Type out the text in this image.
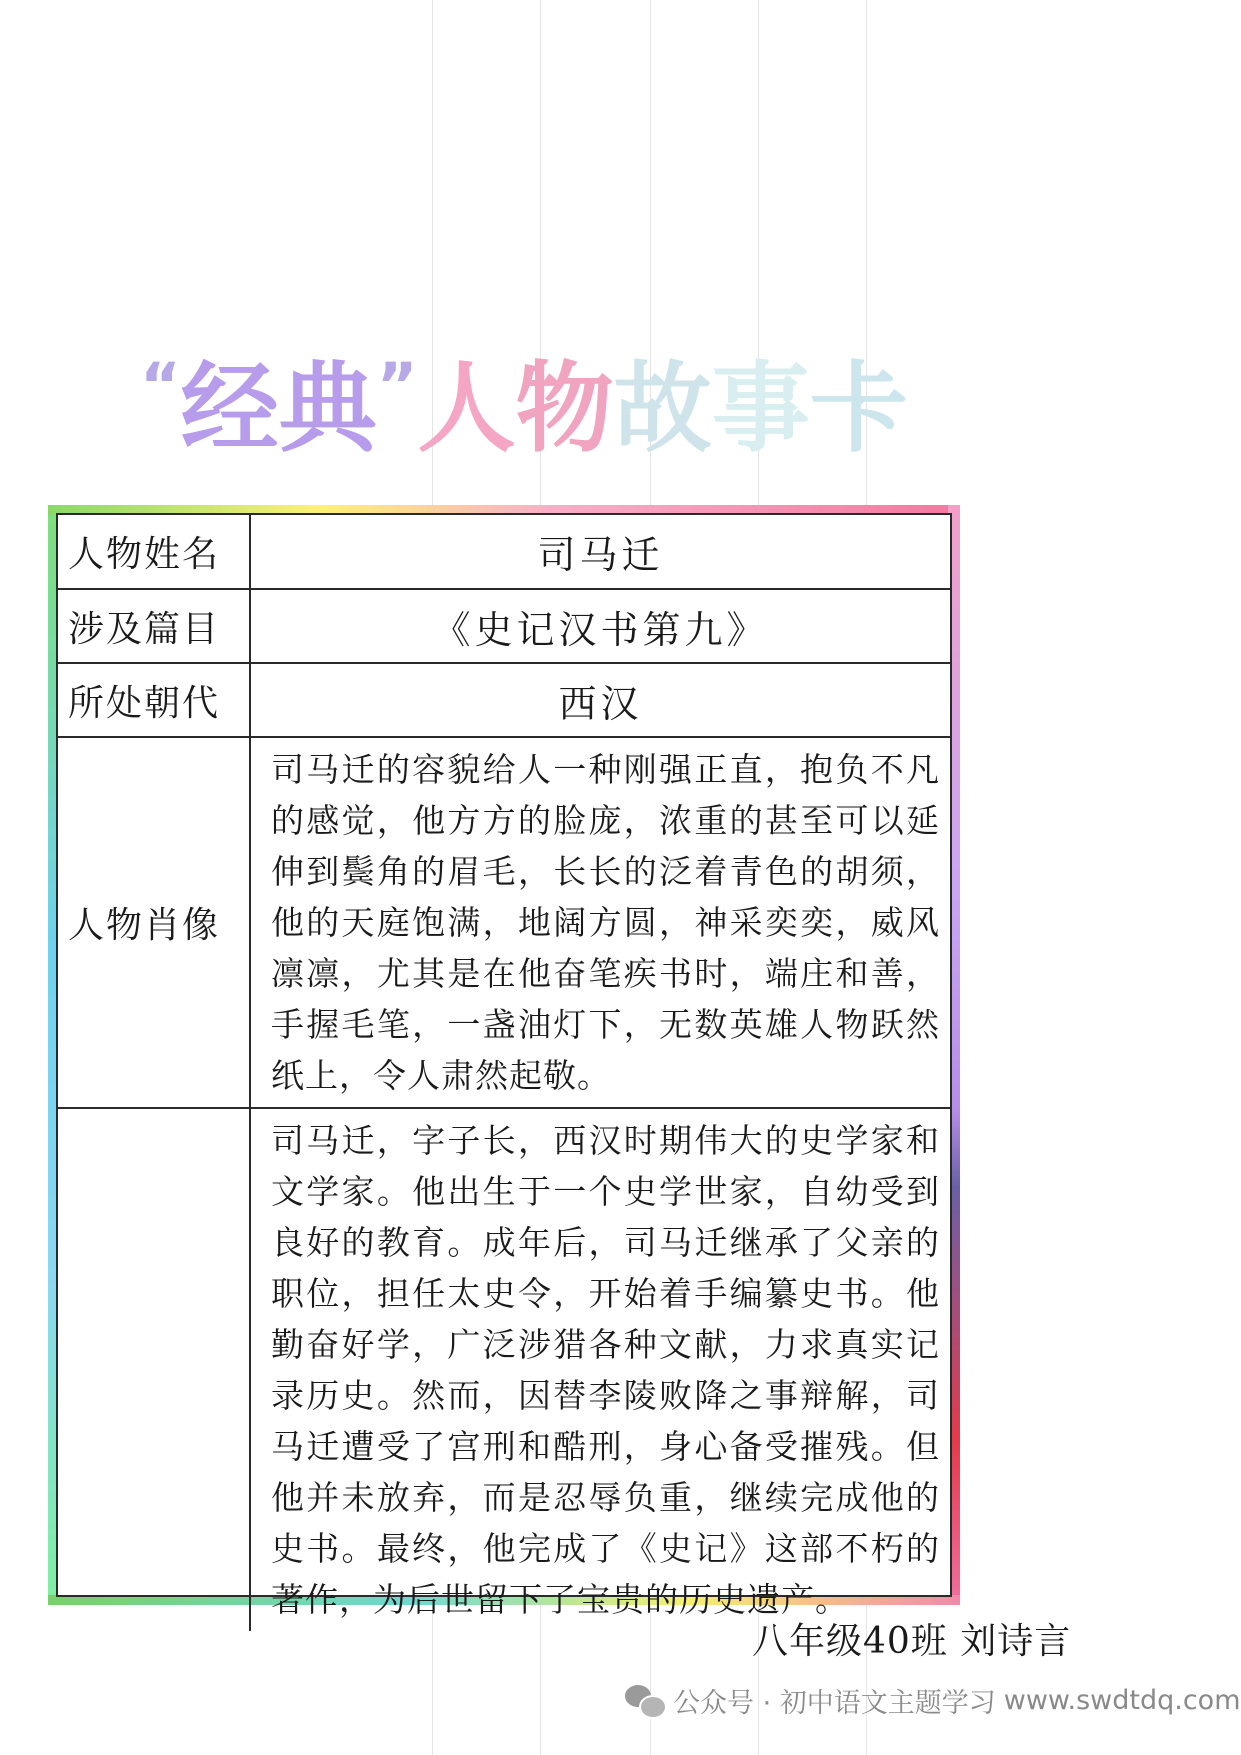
“ 经 典 ” 人 物 故 事 卡
人物姓名	司马迁
涉及篇目	《史记汉书第九》
所处朝代	西汉
人物肖像	司马迁的容貌给人一种刚强正直，抱负不凡的感觉，他方方的脸庞，浓重的甚至可以延伸到鬓角的眉毛，长长的泛着青色的胡须，他的天庭饱满，地阔方圆，神采奕奕，威风凛凛，尤其是在他奋笔疾书时，端庄和善，手握毛笔，一盏油灯下，无数英雄人物跃然纸上，令人肃然起敬。
	司马迁，字子长，西汉时期伟大的史学家和文学家。他出生于一个史学世家，自幼受到良好的教育。成年后，司马迁继承了父亲的职位，担任太史令，开始着手编纂史书。他勤奋好学，广泛涉猎各种文献，力求真实记录历史。然而，因替李陵败降之事辩解，司马迁遭受了宫刑和酷刑，身心备受摧残。但他并未放弃，而是忍辱负重，继续完成他的史书。最终，他完成了《史记》这部不朽的著作，为后世留下了宝贵的历史遗产。
八年级40班 刘诗言
公众号 · 初中语文主题学习 www.swdtdq.com
